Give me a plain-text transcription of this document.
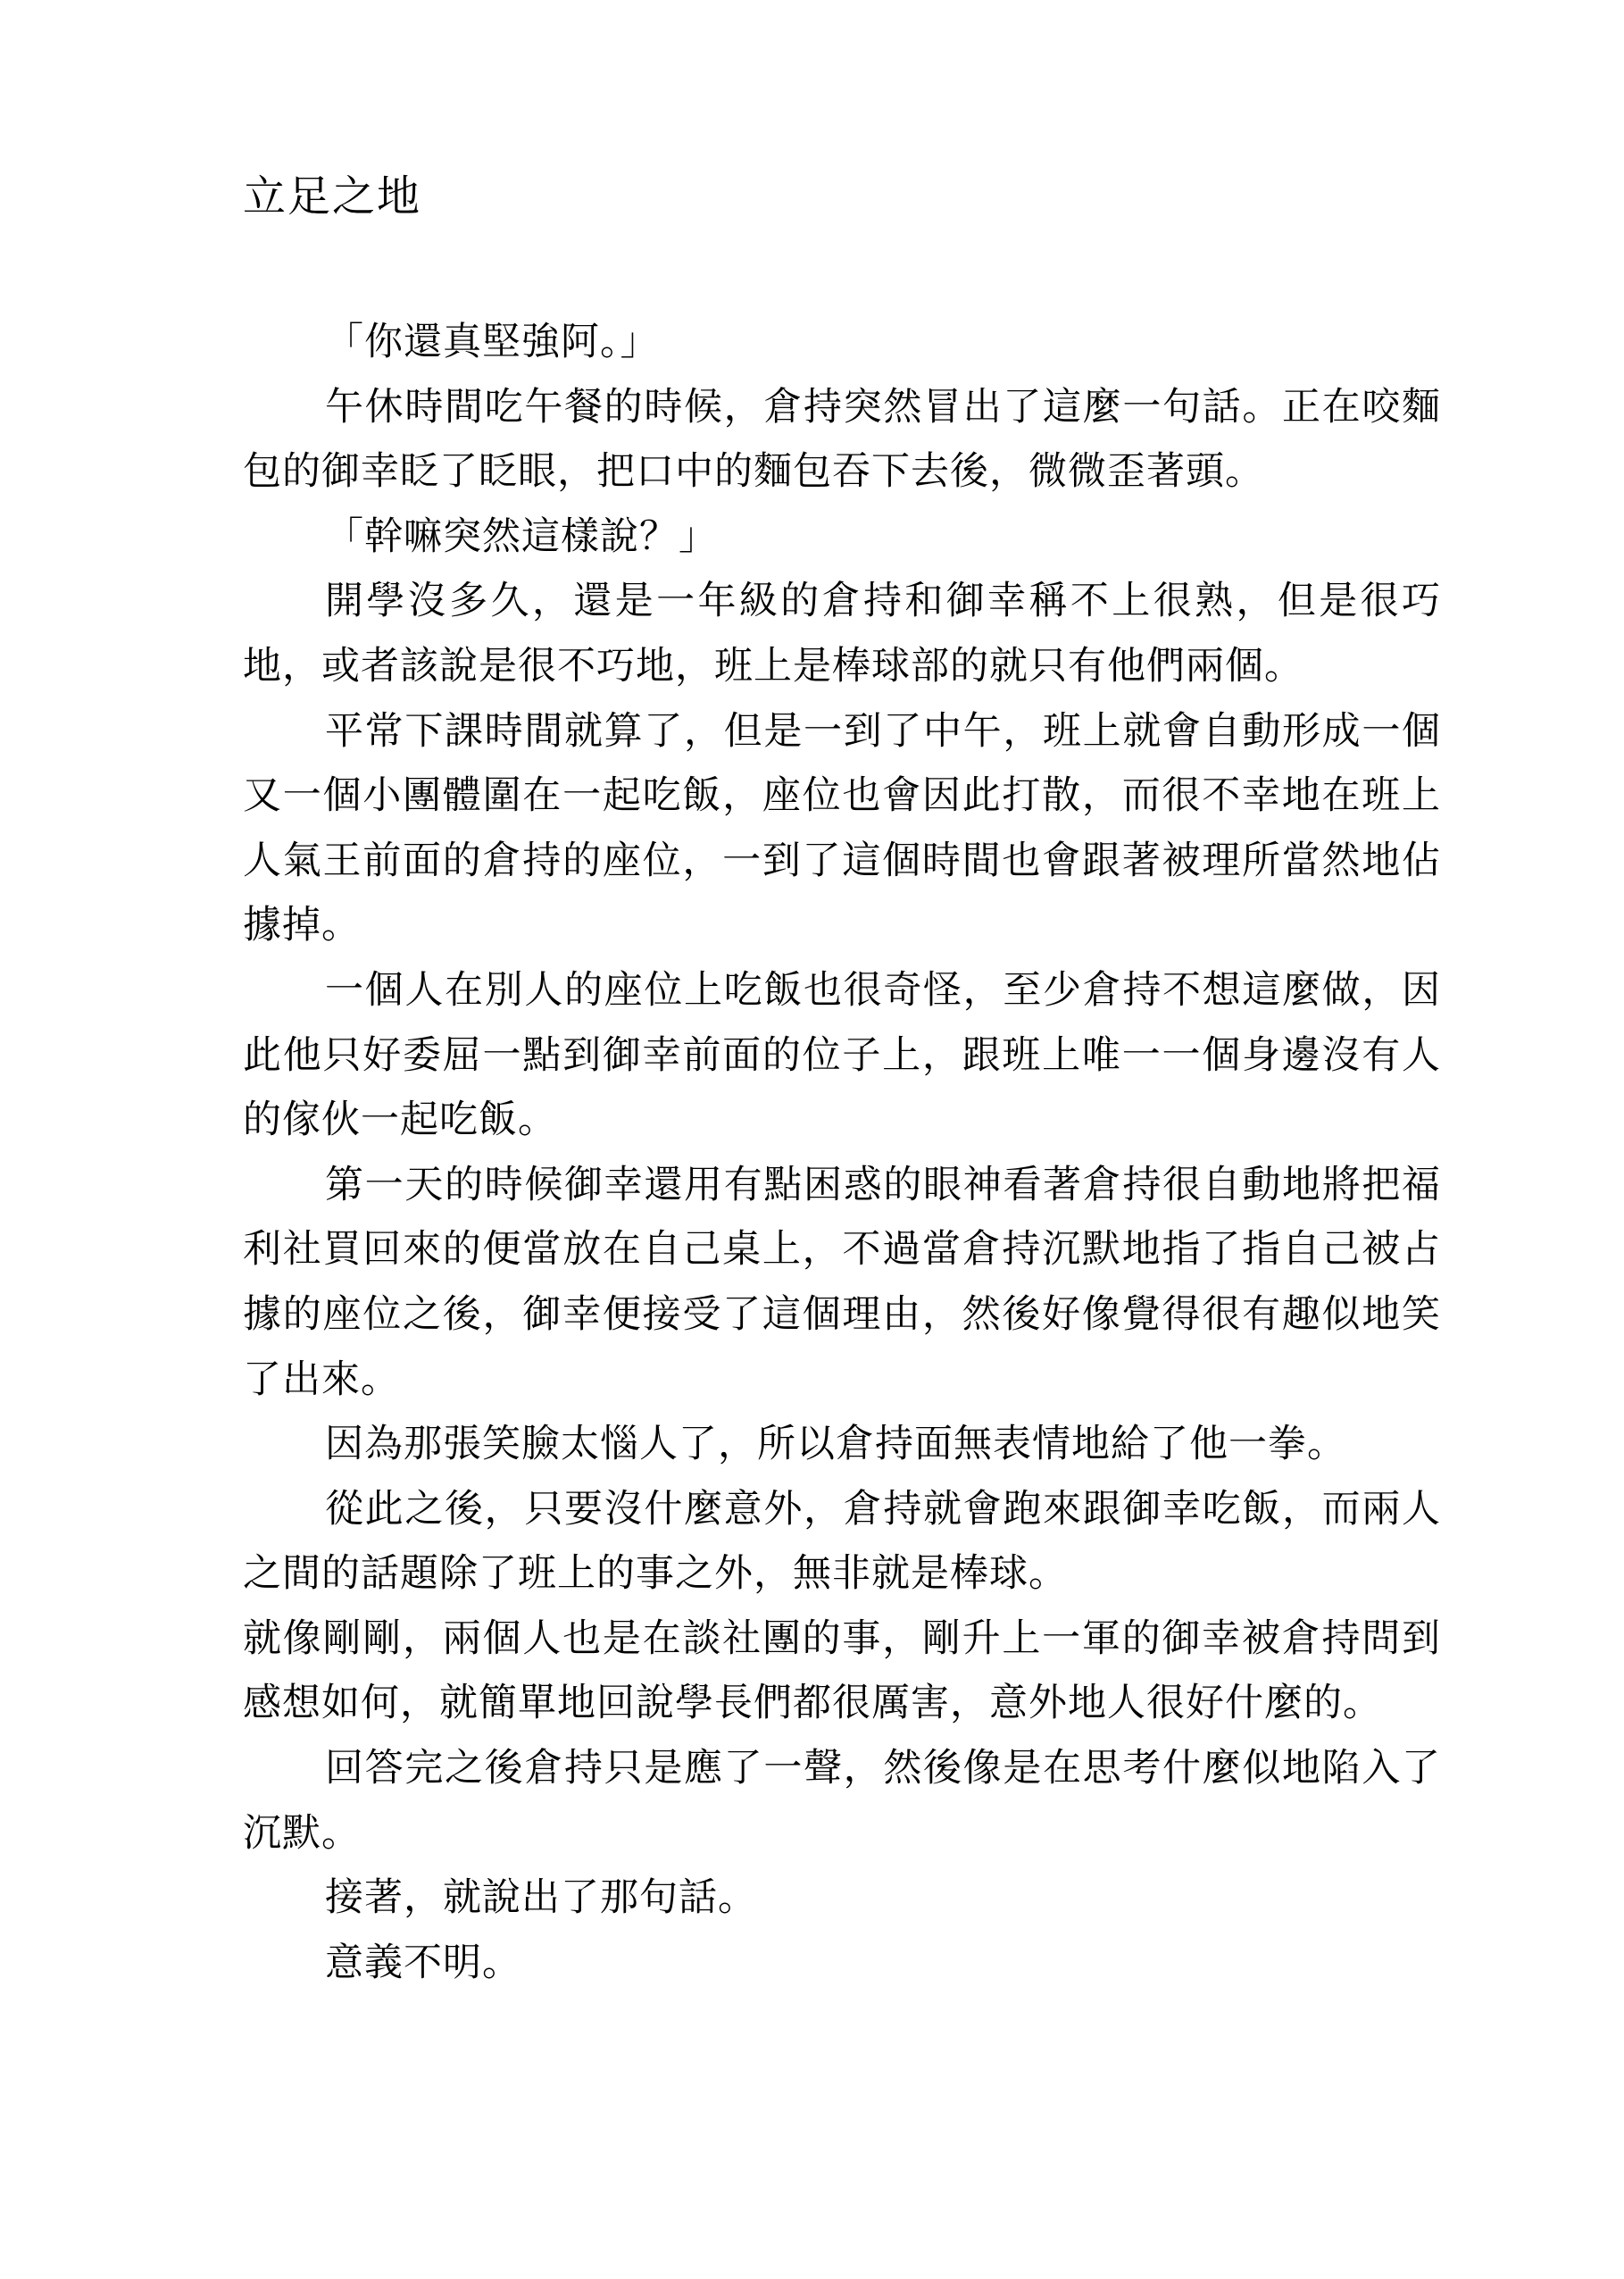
立足之地

「你還真堅強阿。」

午休時間吃午餐的時候，倉持突然冒出了這麼一句話。正在咬麵包的御幸眨了眨眼，把口中的麵包吞下去後，微微歪著頭。

「幹嘛突然這樣說？」

開學沒多久，還是一年級的倉持和御幸稱不上很熟，但是很巧地，或者該說是很不巧地，班上是棒球部的就只有他們兩個。

平常下課時間就算了，但是一到了中午，班上就會自動形成一個又一個小團體圍在一起吃飯，座位也會因此打散，而很不幸地在班上人氣王前面的倉持的座位，一到了這個時間也會跟著被理所當然地佔據掉。

一個人在別人的座位上吃飯也很奇怪，至少倉持不想這麼做，因此他只好委屈一點到御幸前面的位子上，跟班上唯一一個身邊沒有人的傢伙一起吃飯。

第一天的時候御幸還用有點困惑的眼神看著倉持很自動地將把福利社買回來的便當放在自己桌上，不過當倉持沉默地指了指自己被占據的座位之後，御幸便接受了這個理由，然後好像覺得很有趣似地笑了出來。

因為那張笑臉太惱人了，所以倉持面無表情地給了他一拳。

從此之後，只要沒什麼意外，倉持就會跑來跟御幸吃飯，而兩人之間的話題除了班上的事之外，無非就是棒球。

就像剛剛，兩個人也是在談社團的事，剛升上一軍的御幸被倉持問到感想如何，就簡單地回說學長們都很厲害，意外地人很好什麼的。

回答完之後倉持只是應了一聲，然後像是在思考什麼似地陷入了沉默。

接著，就說出了那句話。

意義不明。
